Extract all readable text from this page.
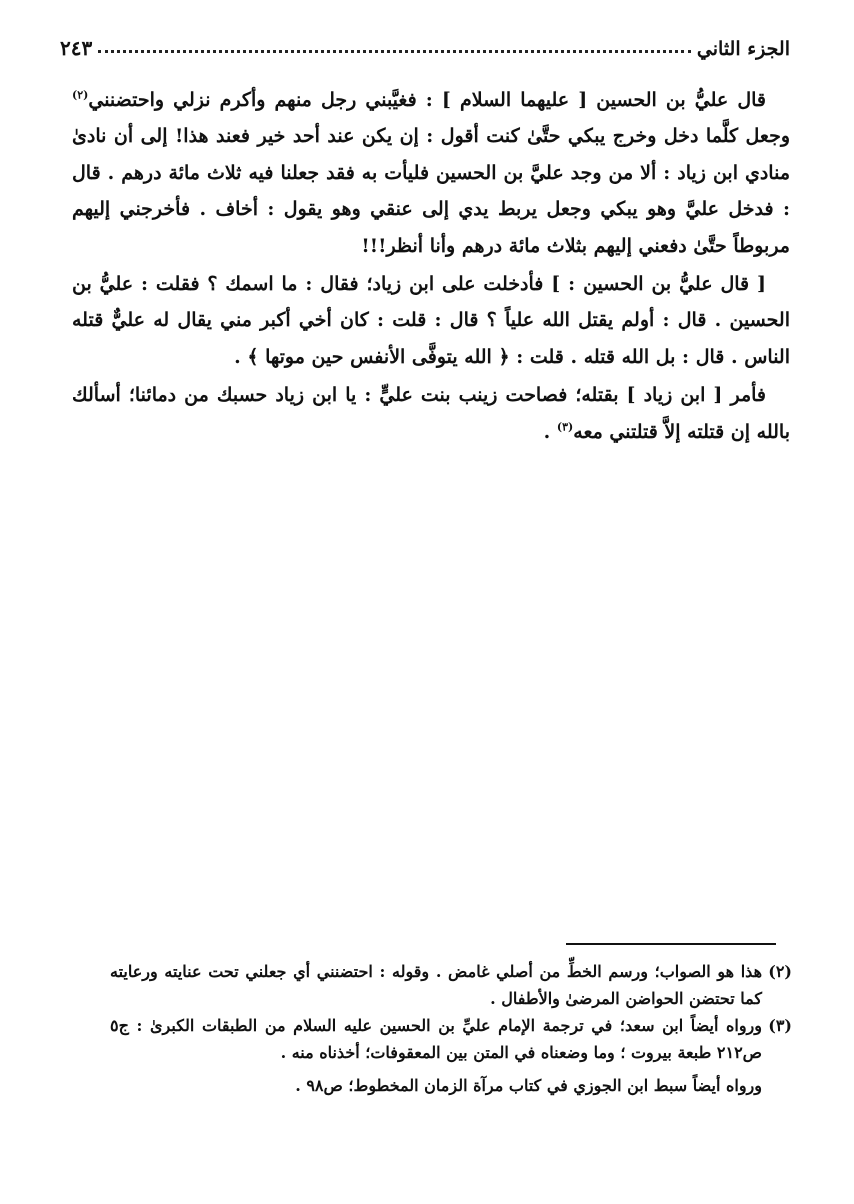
الجزء الثاني
٢٤٣

قال عليُّ بن الحسين [ عليهما السلام ] : فغيَّبني رجل منهم وأكرم نزلي واحتضنني$^{(٢)}$ وجعل كلَّما دخل وخرج يبكي حتَّىٰ كنت أقول : إن يكن عند أحد خير فعند هذا! إلى أن نادىٰ منادي ابن زياد : ألا من وجد عليَّ بن الحسين فليأت به فقد جعلنا فيه ثلاث مائة درهم . قال : فدخل عليَّ وهو يبكي وجعل يربط يدي إلى عنقي وهو يقول : أخاف . فأخرجني إليهم مربوطاً حتَّىٰ دفعني إليهم بثلاث مائة درهم وأنا أنظر!!!

[ قال عليُّ بن الحسين : ] فأدخلت على ابن زياد؛ فقال : ما اسمك ؟ فقلت : عليُّ بن الحسين . قال : أولم يقتل الله علياً ؟ قال : قلت : كان أخي أكبر مني يقال له عليٌّ قتله الناس . قال : بل الله قتله . قلت : ﴿ الله يتوفَّى الأنفس حين موتها ﴾ .

فأمر [ ابن زياد ] بقتله؛ فصاحت زينب بنت عليٍّ : يا ابن زياد حسبك من دمائنا؛ أسألك بالله إن قتلته إلاَّ قتلتني معه$^{(٣)}$ .

(٢)
هذا هو الصواب؛ ورسم الخطِّ من أصلي غامض . وقوله : احتضنني أي جعلني تحت عنايته ورعايته كما تحتضن الحواضن المرضىٰ والأطفال .

(٣)
ورواه أيضاً ابن سعد؛ في ترجمة الإمام عليِّ بن الحسين عليه السلام من الطبقات الكبرىٰ : ج٥ ص٢١٢ طبعة بيروت ؛ وما وضعناه في المتن بين المعقوفات؛ أخذناه منه .

ورواه أيضاً سبط ابن الجوزي في كتاب مرآة الزمان المخطوط؛ ص٩٨ .
